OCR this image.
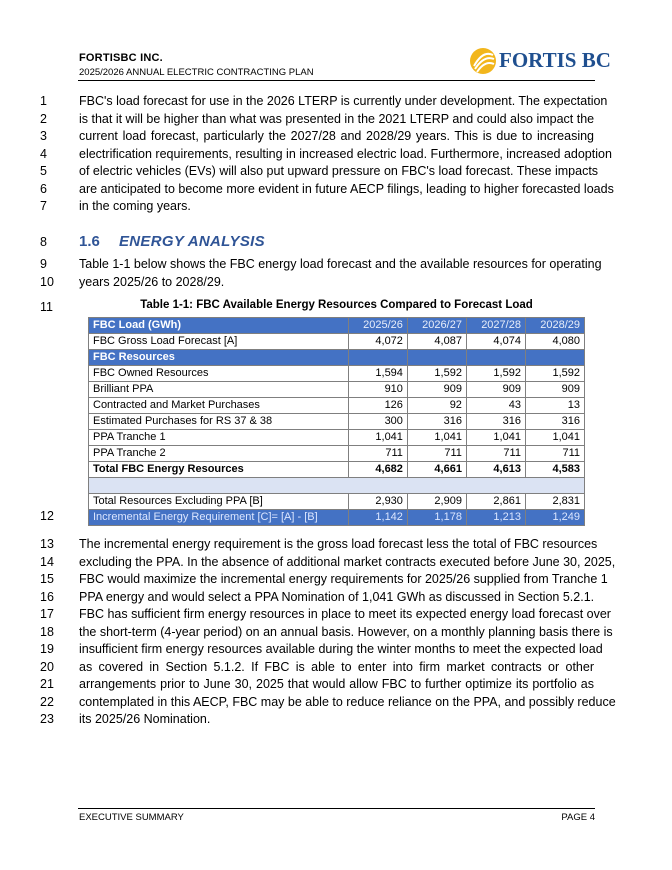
FORTISBC INC.
2025/2026 ANNUAL ELECTRIC CONTRACTING PLAN
FORTIS BC
1	FBC's load forecast for use in the 2026 LTERP is currently under development. The expectation
2	is that it will be higher than what was presented in the 2021 LTERP and could also impact the
3	current load forecast, particularly the 2027/28 and 2028/29 years. This is due to increasing
4	electrification requirements, resulting in increased electric load. Furthermore, increased adoption
5	of electric vehicles (EVs) will also put upward pressure on FBC's load forecast. These impacts
6	are anticipated to become more evident in future AECP filings, leading to higher forecasted loads
7	in the coming years.
8	1.6 ENERGY ANALYSIS
9	Table 1-1 below shows the FBC energy load forecast and the available resources for operating
10	years 2025/26 to 2028/29.
11	Table 1-1: FBC Available Energy Resources Compared to Forecast Load
FBC Load (GWh)	2025/26	2026/27	2027/28	2028/29
FBC Gross Load Forecast [A]	4,072	4,087	4,074	4,080
FBC Resources				
FBC Owned Resources	1,594	1,592	1,592	1,592
Brilliant PPA	910	909	909	909
Contracted and Market Purchases	126	92	43	13
Estimated Purchases for RS 37 & 38	300	316	316	316
PPA Tranche 1	1,041	1,041	1,041	1,041
PPA Tranche 2	711	711	711	711
Total FBC Energy Resources	4,682	4,661	4,613	4,583

Total Resources Excluding PPA [B]	2,930	2,909	2,861	2,831
Incremental Energy Requirement [C]= [A] - [B]	1,142	1,178	1,213	1,249
12
13	The incremental energy requirement is the gross load forecast less the total of FBC resources
14	excluding the PPA. In the absence of additional market contracts executed before June 30, 2025,
15	FBC would maximize the incremental energy requirements for 2025/26 supplied from Tranche 1
16	PPA energy and would select a PPA Nomination of 1,041 GWh as discussed in Section 5.2.1.
17	FBC has sufficient firm energy resources in place to meet its expected energy load forecast over
18	the short-term (4-year period) on an annual basis. However, on a monthly planning basis there is
19	insufficient firm energy resources available during the winter months to meet the expected load
20	as covered in Section 5.1.2. If FBC is able to enter into firm market contracts or other
21	arrangements prior to June 30, 2025 that would allow FBC to further optimize its portfolio as
22	contemplated in this AECP, FBC may be able to reduce reliance on the PPA, and possibly reduce
23	its 2025/26 Nomination.
EXECUTIVE SUMMARY	PAGE 4
